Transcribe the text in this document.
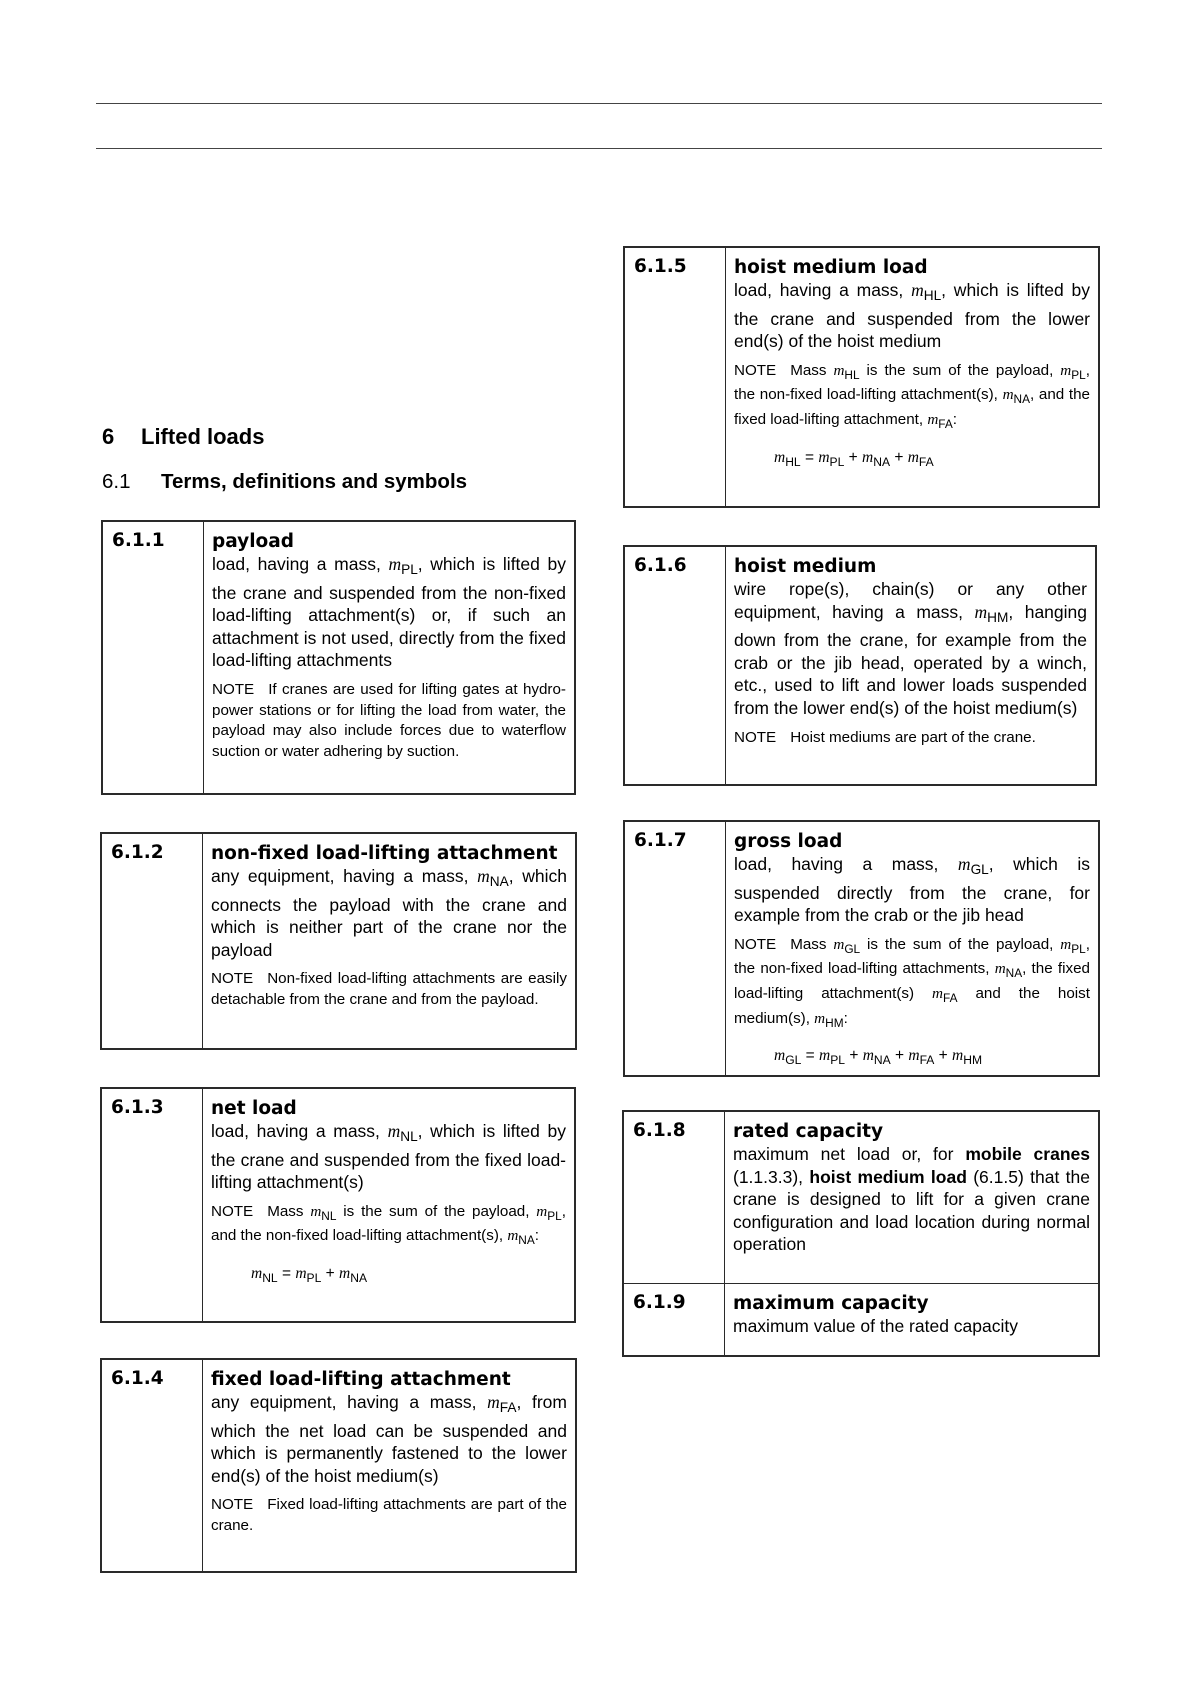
6 Lifted loads
6.1 Terms, definitions and symbols
6.1.1	payload
load, having a mass, $m_{PL}$, which is lifted by the crane and suspended from the non-fixed load-lifting attachment(s) or, if such an attachment is not used, directly from the fixed load-lifting attachments
NOTE If cranes are used for lifting gates at hydro-power stations or for lifting the load from water, the payload may also include forces due to waterflow suction or water adhering by suction.
6.1.2	non-fixed load-lifting attachment
any equipment, having a mass, $m_{NA}$, which connects the payload with the crane and which is neither part of the crane nor the payload
NOTE Non-fixed load-lifting attachments are easily detachable from the crane and from the payload.
6.1.3	net load
load, having a mass, $m_{NL}$, which is lifted by the crane and suspended from the fixed load-lifting attachment(s)
NOTE Mass $m_{NL}$ is the sum of the payload, $m_{PL}$, and the non-fixed load-lifting attachment(s), $m_{NA}$:
$m_{NL} = m_{PL} + m_{NA}$
6.1.4	fixed load-lifting attachment
any equipment, having a mass, $m_{FA}$, from which the net load can be suspended and which is permanently fastened to the lower end(s) of the hoist medium(s)
NOTE Fixed load-lifting attachments are part of the crane.
6.1.5	hoist medium load
load, having a mass, $m_{HL}$, which is lifted by the crane and suspended from the lower end(s) of the hoist medium
NOTE Mass $m_{HL}$ is the sum of the payload, $m_{PL}$, the non-fixed load-lifting attachment(s), $m_{NA}$, and the fixed load-lifting attachment, $m_{FA}$:
$m_{HL} = m_{PL} + m_{NA} + m_{FA}$
6.1.6	hoist medium
wire rope(s), chain(s) or any other equipment, having a mass, $m_{HM}$, hanging down from the crane, for example from the crab or the jib head, operated by a winch, etc., used to lift and lower loads suspended from the lower end(s) of the hoist medium(s)
NOTE Hoist mediums are part of the crane.
6.1.7	gross load
load, having a mass, $m_{GL}$, which is suspended directly from the crane, for example from the crab or the jib head
NOTE Mass $m_{GL}$ is the sum of the payload, $m_{PL}$, the non-fixed load-lifting attachments, $m_{NA}$, the fixed load-lifting attachment(s) $m_{FA}$ and the hoist medium(s), $m_{HM}$:
$m_{GL} = m_{PL} + m_{NA} + m_{FA} + m_{HM}$
6.1.8	rated capacity
maximum net load or, for mobile cranes (1.1.3.3), hoist medium load (6.1.5) that the crane is designed to lift for a given crane configuration and load location during normal operation
6.1.9	maximum capacity
maximum value of the rated capacity
